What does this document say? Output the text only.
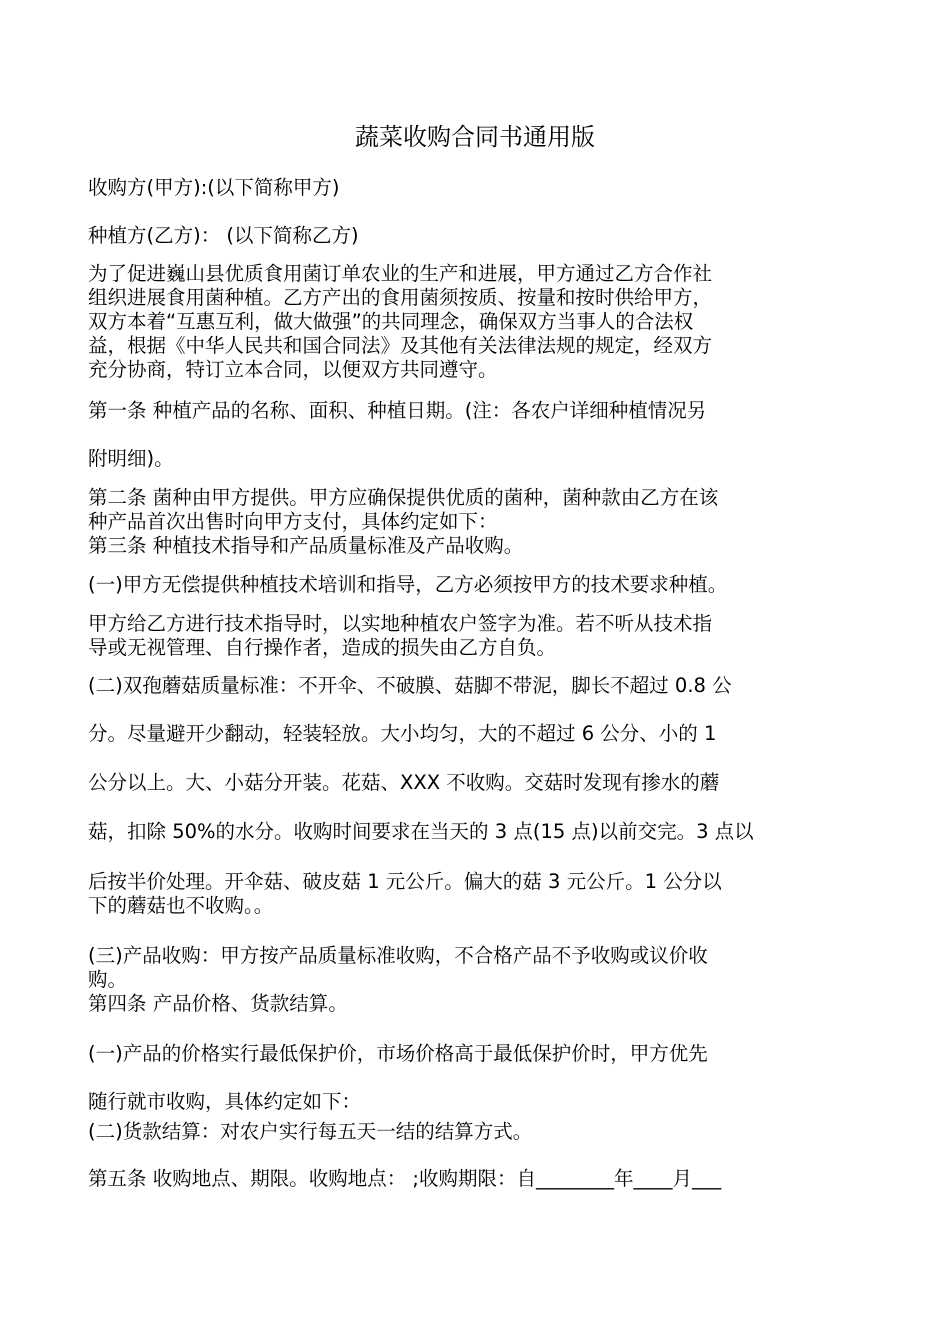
蔬菜收购合同书通用版
收购方(甲方):(以下简称甲方)
种植方(乙方)： (以下简称乙方)
为了促进巍山县优质食用菌订单农业的生产和进展，甲方通过乙方合作社
组织进展食用菌种植。乙方产出的食用菌须按质、按量和按时供给甲方，
双方本着“互惠互利，做大做强”的共同理念，确保双方当事人的合法权
益，根据《中华人民共和国合同法》及其他有关法律法规的规定，经双方
充分协商，特订立本合同，以便双方共同遵守。
第一条 种植产品的名称、面积、种植日期。(注：各农户详细种植情况另
附明细)。
第二条 菌种由甲方提供。甲方应确保提供优质的菌种，菌种款由乙方在该
种产品首次出售时向甲方支付，具体约定如下：
第三条 种植技术指导和产品质量标准及产品收购。
(一)甲方无偿提供种植技术培训和指导，乙方必须按甲方的技术要求种植。
甲方给乙方进行技术指导时，以实地种植农户签字为准。若不听从技术指
导或无视管理、自行操作者，造成的损失由乙方自负。
(二)双孢蘑菇质量标准：不开伞、不破膜、菇脚不带泥，脚长不超过 0.8 公
分。尽量避开少翻动，轻装轻放。大小均匀，大的不超过 6 公分、小的 1
公分以上。大、小菇分开装。花菇、XXX 不收购。交菇时发现有掺水的蘑
菇，扣除 50%的水分。收购时间要求在当天的 3 点(15 点)以前交完。3 点以
后按半价处理。开伞菇、破皮菇 1 元公斤。偏大的菇 3 元公斤。1 公分以
下的蘑菇也不收购。。
(三)产品收购：甲方按产品质量标准收购，不合格产品不予收购或议价收
购。
第四条 产品价格、货款结算。
(一)产品的价格实行最低保护价，市场价格高于最低保护价时，甲方优先
随行就市收购，具体约定如下：
(二)货款结算：对农户实行每五天一结的结算方式。
第五条 收购地点、期限。收购地点： ;收购期限：自________年____月___
